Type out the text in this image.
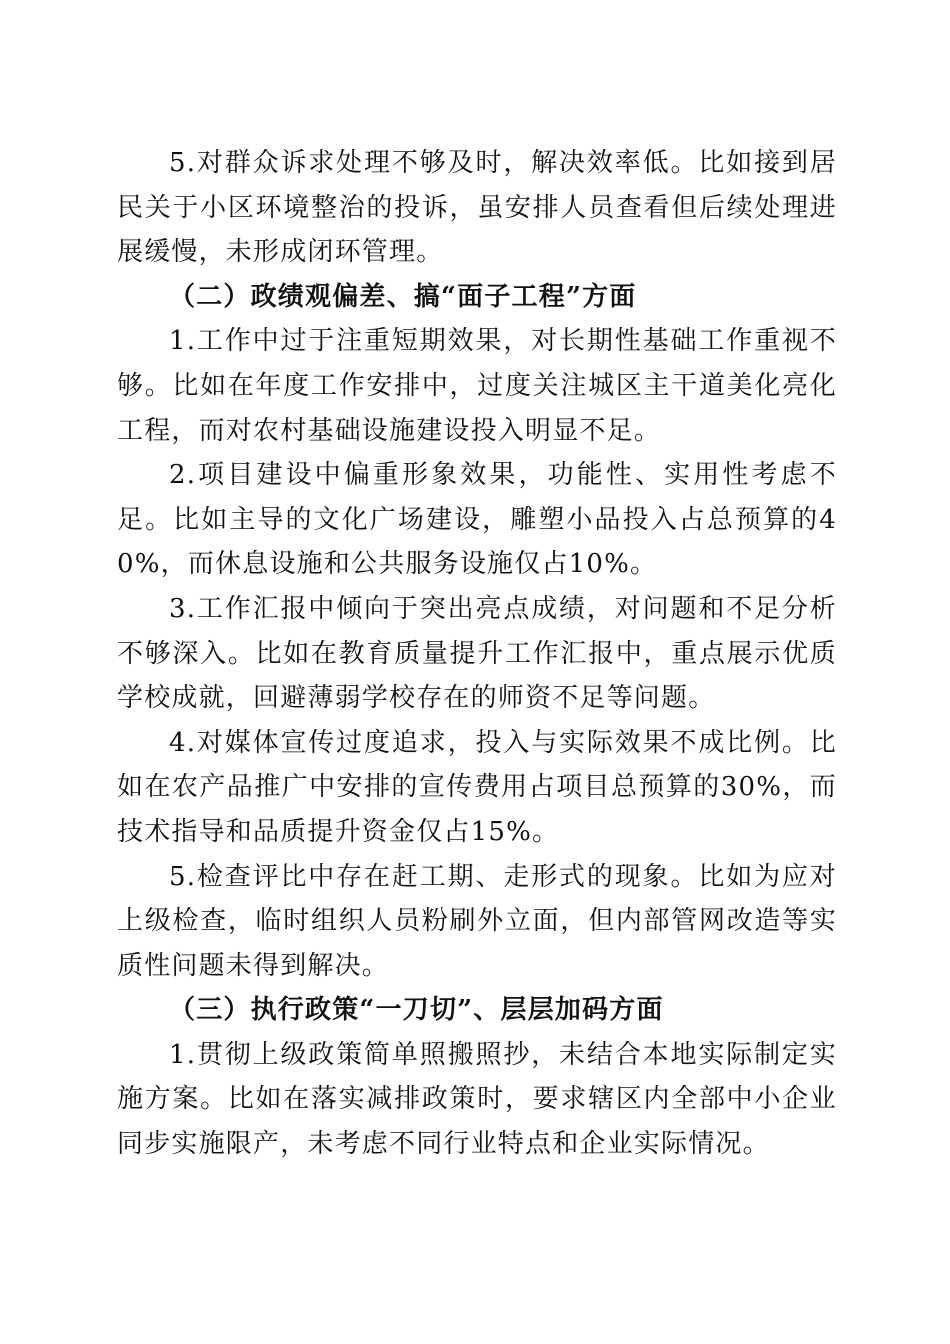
5.对群众诉求处理不够及时，解决效率低。比如接到居民关于小区环境整治的投诉，虽安排人员查看但后续处理进展缓慢，未形成闭环管理。

（二）政绩观偏差、搞“面子工程”方面

1.工作中过于注重短期效果，对长期性基础工作重视不够。比如在年度工作安排中，过度关注城区主干道美化亮化工程，而对农村基础设施建设投入明显不足。

2.项目建设中偏重形象效果，功能性、实用性考虑不足。比如主导的文化广场建设，雕塑小品投入占总预算的40%，而休息设施和公共服务设施仅占10%。

3.工作汇报中倾向于突出亮点成绩，对问题和不足分析不够深入。比如在教育质量提升工作汇报中，重点展示优质学校成就，回避薄弱学校存在的师资不足等问题。

4.对媒体宣传过度追求，投入与实际效果不成比例。比如在农产品推广中安排的宣传费用占项目总预算的30%，而技术指导和品质提升资金仅占15%。

5.检查评比中存在赶工期、走形式的现象。比如为应对上级检查，临时组织人员粉刷外立面，但内部管网改造等实质性问题未得到解决。

（三）执行政策“一刀切”、层层加码方面

1.贯彻上级政策简单照搬照抄，未结合本地实际制定实施方案。比如在落实减排政策时，要求辖区内全部中小企业同步实施限产，未考虑不同行业特点和企业实际情况。
